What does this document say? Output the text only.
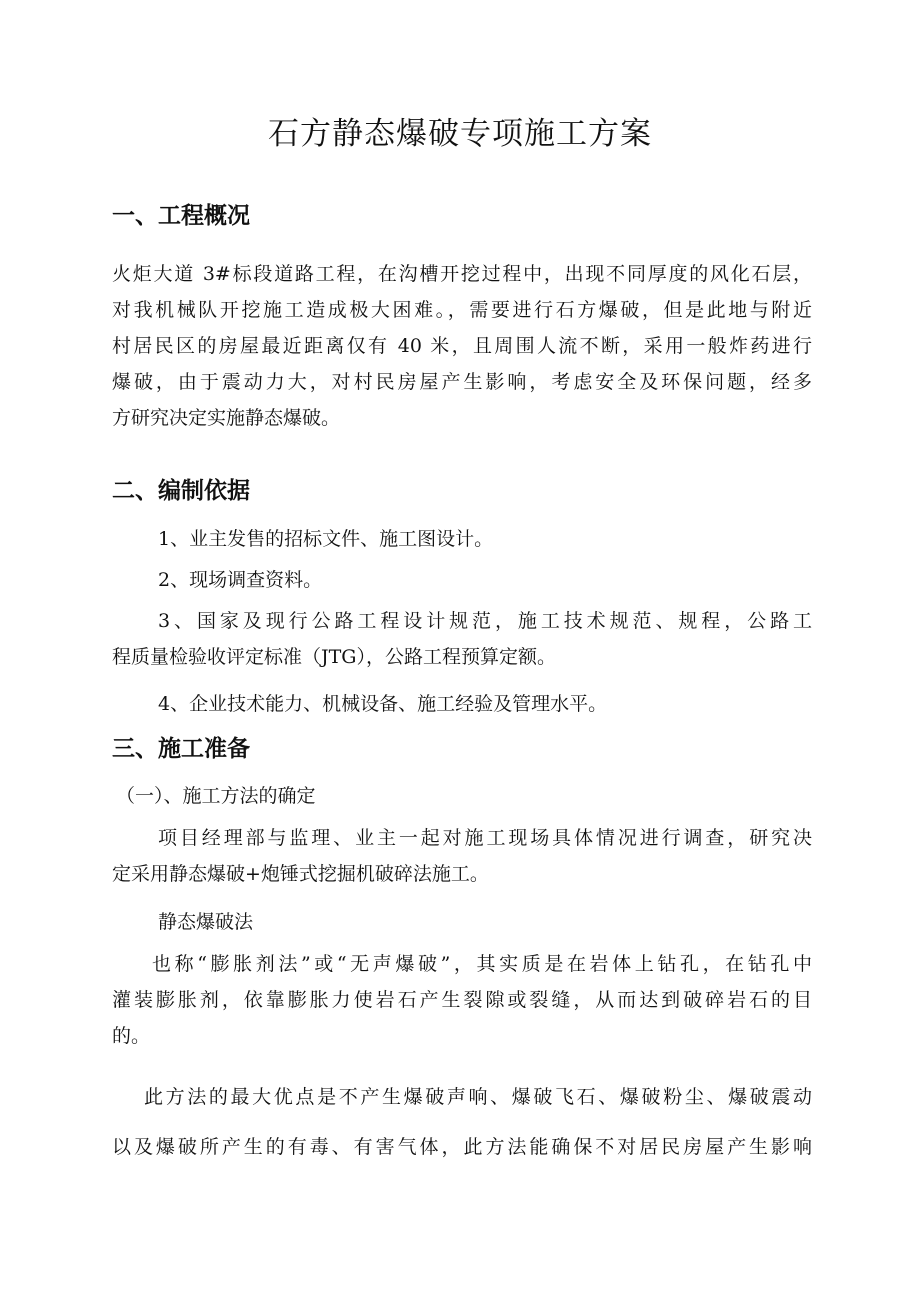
石方静态爆破专项施工方案
一、工程概况
火炬大道 3#标段道路工程，在沟槽开挖过程中，出现不同厚度的风化石层，
对我机械队开挖施工造成极大困难。，需要进行石方爆破，但是此地与附近
村居民区的房屋最近距离仅有 40 米，且周围人流不断，采用一般炸药进行
爆破，由于震动力大，对村民房屋产生影响，考虑安全及环保问题，经多
方研究决定实施静态爆破。
二、编制依据

1、业主发售的招标文件、施工图设计。

2、现场调查资料。

3、国家及现行公路工程设计规范，施工技术规范、规程，公路工
程质量检验收评定标准（JTG），公路工程预算定额。

4、企业技术能力、机械设备、施工经验及管理水平。

三、施工准备

（一）、施工方法的确定

项目经理部与监理、业主一起对施工现场具体情况进行调查，研究决
定采用静态爆破+炮锤式挖掘机破碎法施工。

静态爆破法

也称“膨胀剂法”或“无声爆破”，其实质是在岩体上钻孔，在钻孔中
灌装膨胀剂，依靠膨胀力使岩石产生裂隙或裂缝，从而达到破碎岩石的目
的。
此方法的最大优点是不产生爆破声响、爆破飞石、爆破粉尘、爆破震动
以及爆破所产生的有毒、有害气体，此方法能确保不对居民房屋产生影响
